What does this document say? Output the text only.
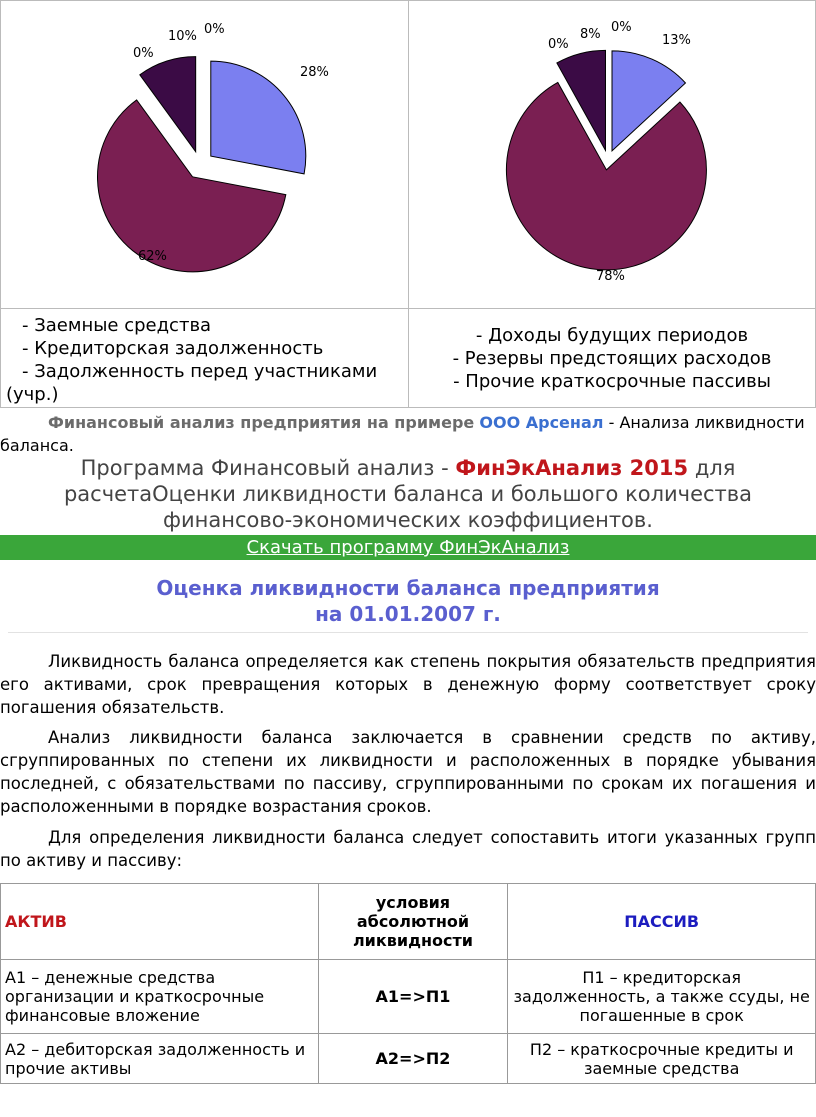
28%
62%
0%
10% 0%
13%
78%
0%
8% 0%
- Заемные средства
- Кредиторская задолженность
- Задолженность перед участниками
(учр.)
- Доходы будущих периодов
- Резервы предстоящих расходов
- Прочие краткосрочные пассивы
Финансовый анализ предприятия на примере ООО Арсенал - Анализа ликвидности баланса.
Программа Финансовый анализ - ФинЭкАнализ 2015 для расчетаОценки ликвидности баланса и большого количества финансово-экономических коэффициентов.
Скачать программу ФинЭкАнализ
Оценка ликвидности баланса предприятия
на 01.01.2007 г.

Ликвидность баланса определяется как степень покрытия обязательств предприятия его активами, срок превращения которых в денежную форму соответствует сроку погашения обязательств.

Анализ ликвидности баланса заключается в сравнении средств по активу, сгруппированных по степени их ликвидности и расположенных в порядке убывания последней, с обязательствами по пассиву, сгруппированными по срокам их погашения и расположенными в порядке возрастания сроков.

Для определения ликвидности баланса следует сопоставить итоги указанных групп по активу и пассиву:

АКТИВ	условия абсолютной ликвидности	ПАССИВ
А1 – денежные средства организации и краткосрочные финансовые вложение	А1=>П1	П1 – кредиторская задолженность, а также ссуды, не погашенные в срок
А2 – дебиторская задолженность и прочие активы	А2=>П2	П2 – краткосрочные кредиты и заемные средства
